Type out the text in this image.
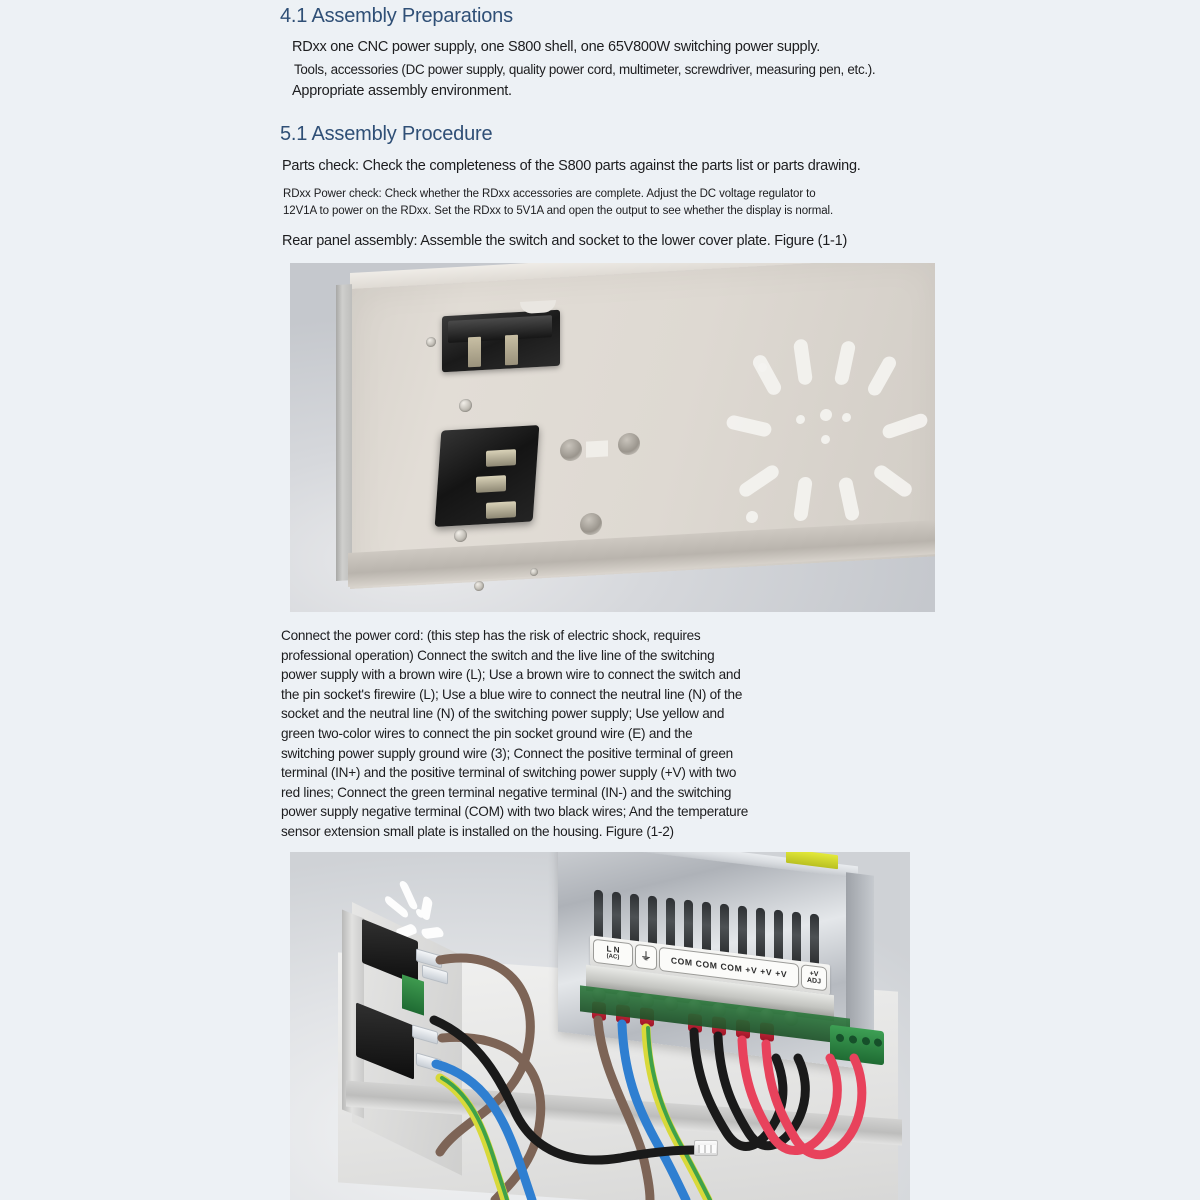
4.1 Assembly Preparations
RDxx one CNC power supply, one S800 shell, one 65V800W switching power supply.
Tools, accessories (DC power supply, quality power cord, multimeter, screwdriver, measuring pen, etc.).
Appropriate assembly environment.
5.1 Assembly Procedure

Parts check: Check the completeness of the S800 parts against the parts list or parts drawing.

RDxx Power check: Check whether the RDxx accessories are complete. Adjust the DC voltage regulator to

12V1A to power on the RDxx. Set the RDxx to 5V1A and open the output to see whether the display is normal.

Rear panel assembly: Assemble the switch and socket to the lower cover plate. Figure (1-1)

Connect the power cord: (this step has the risk of electric shock, requires

professional operation) Connect the switch and the live line of the switching

power supply with a brown wire (L); Use a brown wire to connect the switch and

the pin socket's firewire (L); Use a blue wire to connect the neutral line (N) of the

socket and the neutral line (N) of the switching power supply; Use yellow and

green two-color wires to connect the pin socket ground wire (E) and the

switching power supply ground wire (3); Connect the positive terminal of green

terminal (IN+) and the positive terminal of switching power supply (+V) with two

red lines; Connect the green terminal negative terminal (IN-) and the switching

power supply negative terminal (COM) with two black wires; And the temperature

sensor extension small plate is installed on the housing. Figure (1-2)

L N
(AC)	⏚	COM COM COM +V +V +V	+V
ADJ
